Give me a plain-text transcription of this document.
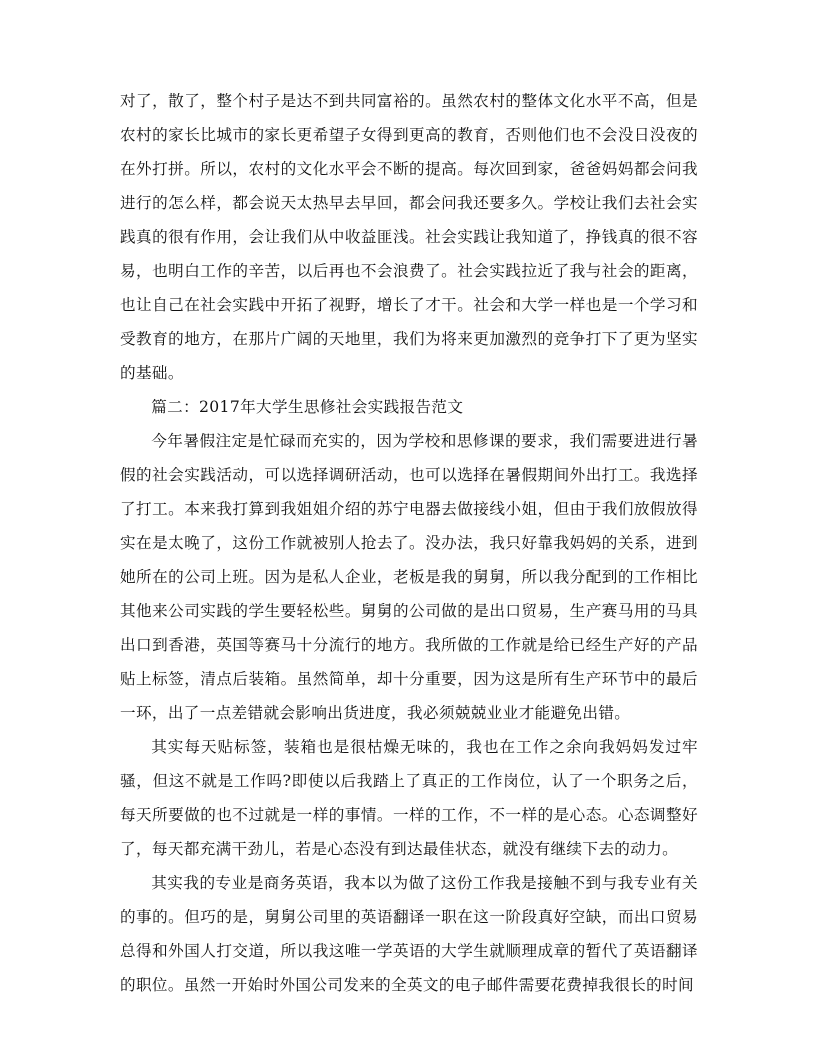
对了，散了，整个村子是达不到共同富裕的。虽然农村的整体文化水平不高，但是农村的家长比城市的家长更希望子女得到更高的教育，否则他们也不会没日没夜的在外打拼。所以，农村的文化水平会不断的提高。每次回到家，爸爸妈妈都会问我进行的怎么样，都会说天太热早去早回，都会问我还要多久。学校让我们去社会实践真的很有作用，会让我们从中收益匪浅。社会实践让我知道了，挣钱真的很不容易，也明白工作的辛苦，以后再也不会浪费了。社会实践拉近了我与社会的距离，也让自己在社会实践中开拓了视野，增长了才干。社会和大学一样也是一个学习和受教育的地方，在那片广阔的天地里，我们为将来更加激烈的竞争打下了更为坚实的基础。

篇二：2017年大学生思修社会实践报告范文

今年暑假注定是忙碌而充实的，因为学校和思修课的要求，我们需要进进行暑假的社会实践活动，可以选择调研活动，也可以选择在暑假期间外出打工。我选择了打工。本来我打算到我姐姐介绍的苏宁电器去做接线小姐，但由于我们放假放得实在是太晚了，这份工作就被别人抢去了。没办法，我只好靠我妈妈的关系，进到她所在的公司上班。因为是私人企业，老板是我的舅舅，所以我分配到的工作相比其他来公司实践的学生要轻松些。舅舅的公司做的是出口贸易，生产赛马用的马具出口到香港，英国等赛马十分流行的地方。我所做的工作就是给已经生产好的产品贴上标签，清点后装箱。虽然简单，却十分重要，因为这是所有生产环节中的最后一环，出了一点差错就会影响出货进度，我必须兢兢业业才能避免出错。

其实每天贴标签，装箱也是很枯燥无味的，我也在工作之余向我妈妈发过牢骚，但这不就是工作吗?即使以后我踏上了真正的工作岗位，认了一个职务之后，每天所要做的也不过就是一样的事情。一样的工作，不一样的是心态。心态调整好了，每天都充满干劲儿，若是心态没有到达最佳状态，就没有继续下去的动力。

其实我的专业是商务英语，我本以为做了这份工作我是接触不到与我专业有关的事的。但巧的是，舅舅公司里的英语翻译一职在这一阶段真好空缺，而出口贸易总得和外国人打交道，所以我这唯一学英语的大学生就顺理成章的暂代了英语翻译的职位。虽然一开始时外国公司发来的全英文的电子邮件需要花费掉我很长的时间
